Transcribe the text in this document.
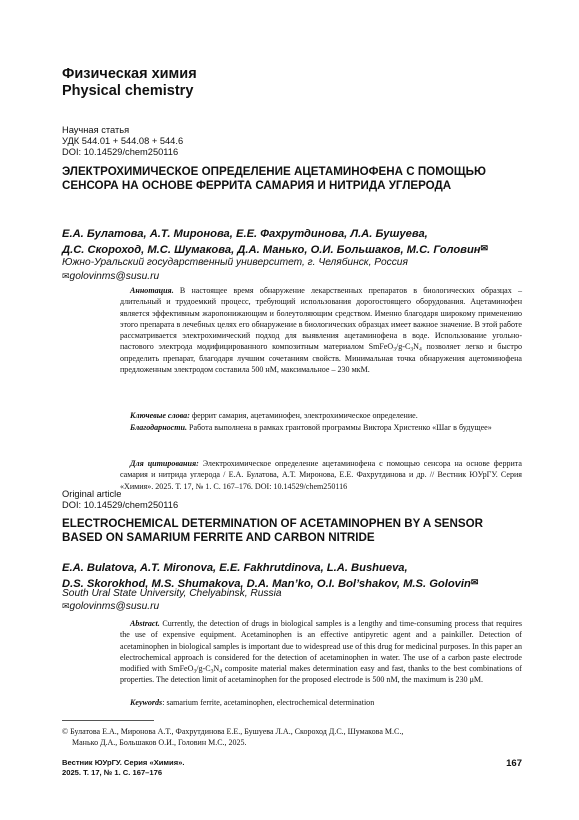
Физическая химия
Physical chemistry
Научная статья
УДК 544.01 + 544.08 + 544.6
DOI: 10.14529/chem250116
ЭЛЕКТРОХИМИЧЕСКОЕ ОПРЕДЕЛЕНИЕ АЦЕТАМИНОФЕНА С ПОМОЩЬЮ СЕНСОРА НА ОСНОВЕ ФЕРРИТА САМАРИЯ И НИТРИДА УГЛЕРОДА
Е.А. Булатова, А.Т. Миронова, Е.Е. Фахрутдинова, Л.А. Бушуева,
Д.С. Скороход, М.С. Шумакова, Д.А. Манько, О.И. Большаков, М.С. Головин✉
Южно-Уральский государственный университет, г. Челябинск, Россия
✉golovinms@susu.ru
Аннотация. В настоящее время обнаружение лекарственных препаратов в биологических образцах – длительный и трудоемкий процесс, требующий использования дорогостоящего оборудования. Ацетаминофен является эффективным жаропонижающим и болеутоляющим средством. Именно благодаря широкому применению этого препарата в лечебных целях его обнаружение в биологических образцах имеет важное значение. В этой работе рассматривается электрохимический подход для выявления ацетаминофена в воде. Использование угольно-пастового электрода модифицированного композитным материалом $SmFeO_3/g-C_3N_4$ позволяет легко и быстро определить препарат, благодаря лучшим сочетаниям свойств. Минимальная точка обнаружения ацетоминофена предложенным электродом составила 500 нМ, максимальное – 230 мкМ.
Ключевые слова: феррит самария, ацетаминофен, электрохимическое определение.
Благодарности. Работа выполнена в рамках грантовой программы Виктора Христенко «Шаг в будущее»
Для цитирования: Электрохимическое определение ацетаминофена с помощью сенсора на основе феррита самария и нитрида углерода / Е.А. Булатова, А.Т. Миронова, Е.Е. Фахрутдинова и др. // Вестник ЮУрГУ. Серия «Химия». 2025. Т. 17, № 1. С. 167–176. DOI: 10.14529/chem250116
Original article
DOI: 10.14529/chem250116
ELECTROCHEMICAL DETERMINATION OF ACETAMINOPHEN BY A SENSOR BASED ON SAMARIUM FERRITE AND CARBON NITRIDE
E.A. Bulatova, A.T. Mironova, E.E. Fakhrutdinova, L.A. Bushueva,
D.S. Skorokhod, M.S. Shumakova, D.A. Man’ko, O.I. Bol’shakov, M.S. Golovin✉
South Ural State University, Chelyabinsk, Russia
✉golovinms@susu.ru
Abstract. Currently, the detection of drugs in biological samples is a lengthy and time-consuming process that requires the use of expensive equipment. Acetaminophen is an effective antipyretic agent and a painkiller. Detection of acetaminophen in biological samples is important due to widespread use of this drug for medicinal purposes. In this paper an electrochemical approach is considered for the detection of acetaminophen in water. The use of a carbon paste electrode modified with $SmFeO_3/g-C_3N_4$ composite material makes determination easy and fast, thanks to the best combinations of properties. The detection limit of acetaminophen for the proposed electrode is 500 nM, the maximum is 230 μM.
Keywords: samarium ferrite, acetaminophen, electrochemical determination
© Булатова Е.А., Миронова А.Т., Фахрутдинова Е.Е., Бушуева Л.А., Скороход Д.С., Шумакова М.С.,
Манько Д.А., Большаков О.И., Головин М.С., 2025.
Вестник ЮУрГУ. Серия «Химия».
2025. Т. 17, № 1. С. 167–176
167
